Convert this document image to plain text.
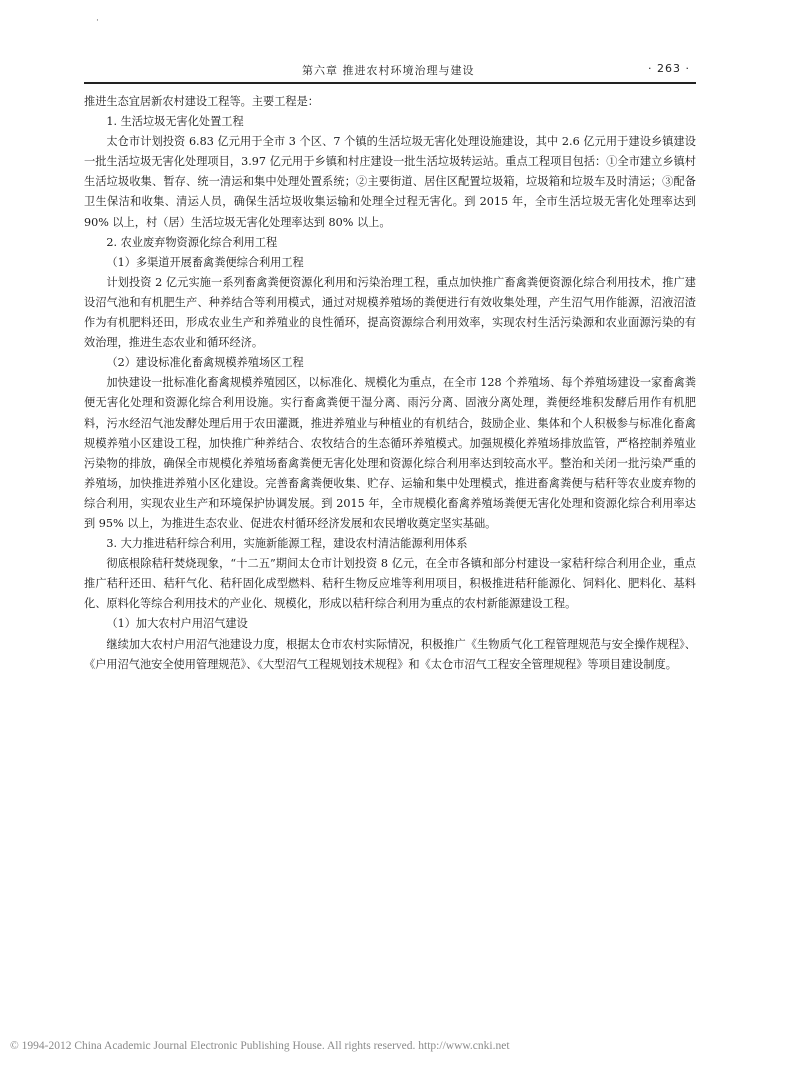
·
第六章 推进农村环境治理与建设	· 263 ·

推进生态宜居新农村建设工程等。主要工程是：

1. 生活垃圾无害化处置工程

太仓市计划投资 6.83 亿元用于全市 3 个区、7 个镇的生活垃圾无害化处理设施建设，其中 2.6 亿元用于建设乡镇建设一批生活垃圾无害化处理项目，3.97 亿元用于乡镇和村庄建设一批生活垃圾转运站。重点工程项目包括：①全市建立乡镇村生活垃圾收集、暂存、统一清运和集中处理处置系统；②主要街道、居住区配置垃圾箱，垃圾箱和垃圾车及时清运；③配备卫生保洁和收集、清运人员，确保生活垃圾收集运输和处理全过程无害化。到 2015 年，全市生活垃圾无害化处理率达到 90% 以上，村（居）生活垃圾无害化处理率达到 80% 以上。

2. 农业废弃物资源化综合利用工程

（1）多渠道开展畜禽粪便综合利用工程

计划投资 2 亿元实施一系列畜禽粪便资源化利用和污染治理工程，重点加快推广畜禽粪便资源化综合利用技术，推广建设沼气池和有机肥生产、种养结合等利用模式，通过对规模养殖场的粪便进行有效收集处理，产生沼气用作能源，沼液沼渣作为有机肥料还田，形成农业生产和养殖业的良性循环，提高资源综合利用效率，实现农村生活污染源和农业面源污染的有效治理，推进生态农业和循环经济。

（2）建设标准化畜禽规模养殖场区工程

加快建设一批标准化畜禽规模养殖园区，以标准化、规模化为重点，在全市 128 个养殖场、每个养殖场建设一家畜禽粪便无害化处理和资源化综合利用设施。实行畜禽粪便干湿分离、雨污分离、固液分离处理，粪便经堆积发酵后用作有机肥料，污水经沼气池发酵处理后用于农田灌溉，推进养殖业与种植业的有机结合，鼓励企业、集体和个人积极参与标准化畜禽规模养殖小区建设工程，加快推广种养结合、农牧结合的生态循环养殖模式。加强规模化养殖场排放监管，严格控制养殖业污染物的排放，确保全市规模化养殖场畜禽粪便无害化处理和资源化综合利用率达到较高水平。整治和关闭一批污染严重的养殖场，加快推进养殖小区化建设。完善畜禽粪便收集、贮存、运输和集中处理模式，推进畜禽粪便与秸秆等农业废弃物的综合利用，实现农业生产和环境保护协调发展。到 2015 年，全市规模化畜禽养殖场粪便无害化处理和资源化综合利用率达到 95% 以上，为推进生态农业、促进农村循环经济发展和农民增收奠定坚实基础。

3. 大力推进秸秆综合利用，实施新能源工程，建设农村清洁能源利用体系

彻底根除秸秆焚烧现象，“十二五”期间太仓市计划投资 8 亿元，在全市各镇和部分村建设一家秸秆综合利用企业，重点推广秸秆还田、秸秆气化、秸秆固化成型燃料、秸秆生物反应堆等利用项目，积极推进秸秆能源化、饲料化、肥料化、基料化、原料化等综合利用技术的产业化、规模化，形成以秸秆综合利用为重点的农村新能源建设工程。

（1）加大农村户用沼气建设

继续加大农村户用沼气池建设力度，根据太仓市农村实际情况，积极推广《生物质气化工程管理规范与安全操作规程》、《户用沼气池安全使用管理规范》、《大型沼气工程规划技术规程》和《太仓市沼气工程安全管理规程》等项目建设制度。

© 1994-2012 China Academic Journal Electronic Publishing House. All rights reserved. http://www.cnki.net
